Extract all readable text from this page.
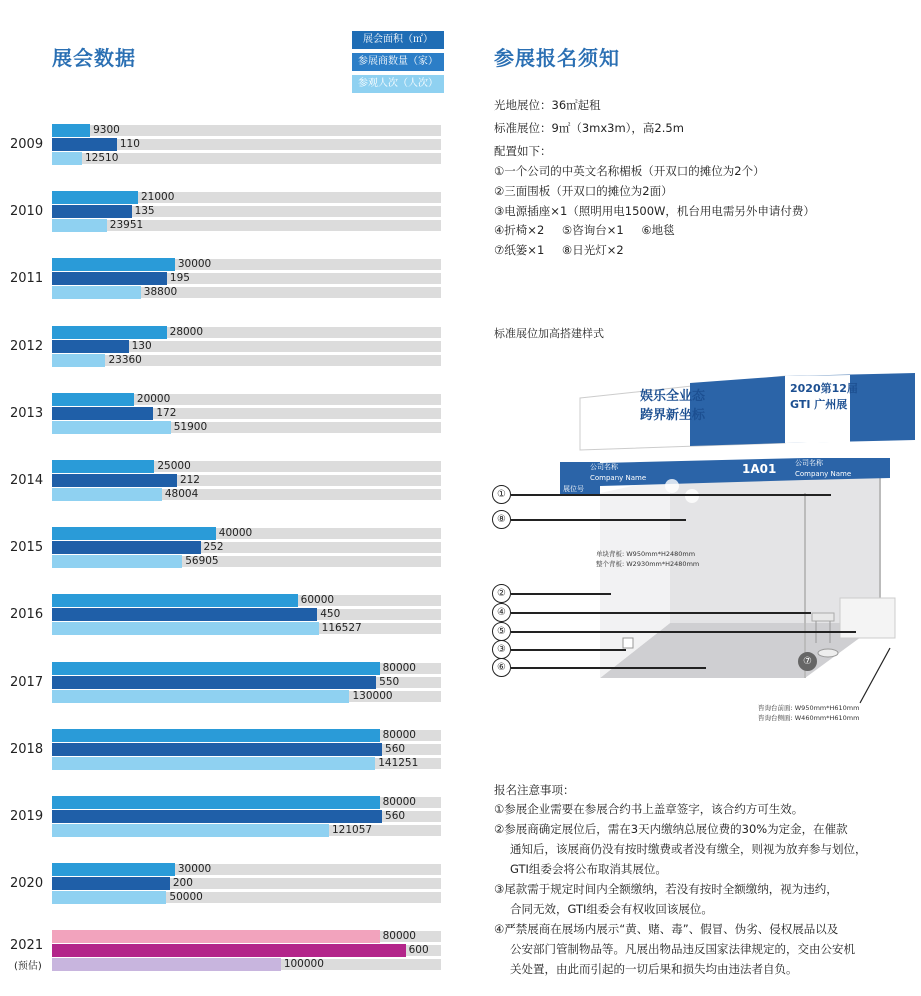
展会数据
展会面积（㎡）
参展商数量（家）
参观人次（人次）
2009
9300
110
12510
2010
21000
135
23951
2011
30000
195
38800
2012
28000
130
23360
2013
20000
172
51900
2014
25000
212
48004
2015
40000
252
56905
2016
60000
450
116527
2017
80000
550
130000
2018
80000
560
141251
2019
80000
560
121057
2020
30000
200
50000
2021
(预估)
80000
600
100000
参展报名须知
光地展位：36㎡起租
标准展位：9㎡（3mx3m），高2.5m
配置如下：
①一个公司的中英文名称楣板（开双口的摊位为2个）
②三面围板（开双口的摊位为2面）
③电源插座×1（照明用电1500W，机台用电需另外申请付费）
④折椅×2 ⑤咨询台×1 ⑥地毯
⑦纸篓×1 ⑧日光灯×2
标准展位加高搭建样式
娱乐全业态 跨界新坐标
2020第12届 GTI 广州展
公司名称
Company Name
1A01	公司名称
Company Name
展位号
单块背板: W950mm*H2480mm
整个背板: W2930mm*H2480mm
咨询台前面: W950mm*H610mm
咨询台侧面: W460mm*H610mm
①
⑧
②
④
⑤
③
⑥
⑦
报名注意事项：
①参展企业需要在参展合约书上盖章签字，该合约方可生效。
②参展商确定展位后，需在3天内缴纳总展位费的30%为定金，在催款
通知后，该展商仍没有按时缴费或者没有缴全，则视为放弃参与划位，
GTI组委会将公布取消其展位。
③尾款需于规定时间内全额缴纳，若没有按时全额缴纳，视为违约，
合同无效，GTI组委会有权收回该展位。
④严禁展商在展场内展示“黄、赌、毒”、假冒、伪劣、侵权展品以及
公安部门管制物品等。凡展出物品违反国家法律规定的，交由公安机
关处置，由此而引起的一切后果和损失均由违法者自负。
